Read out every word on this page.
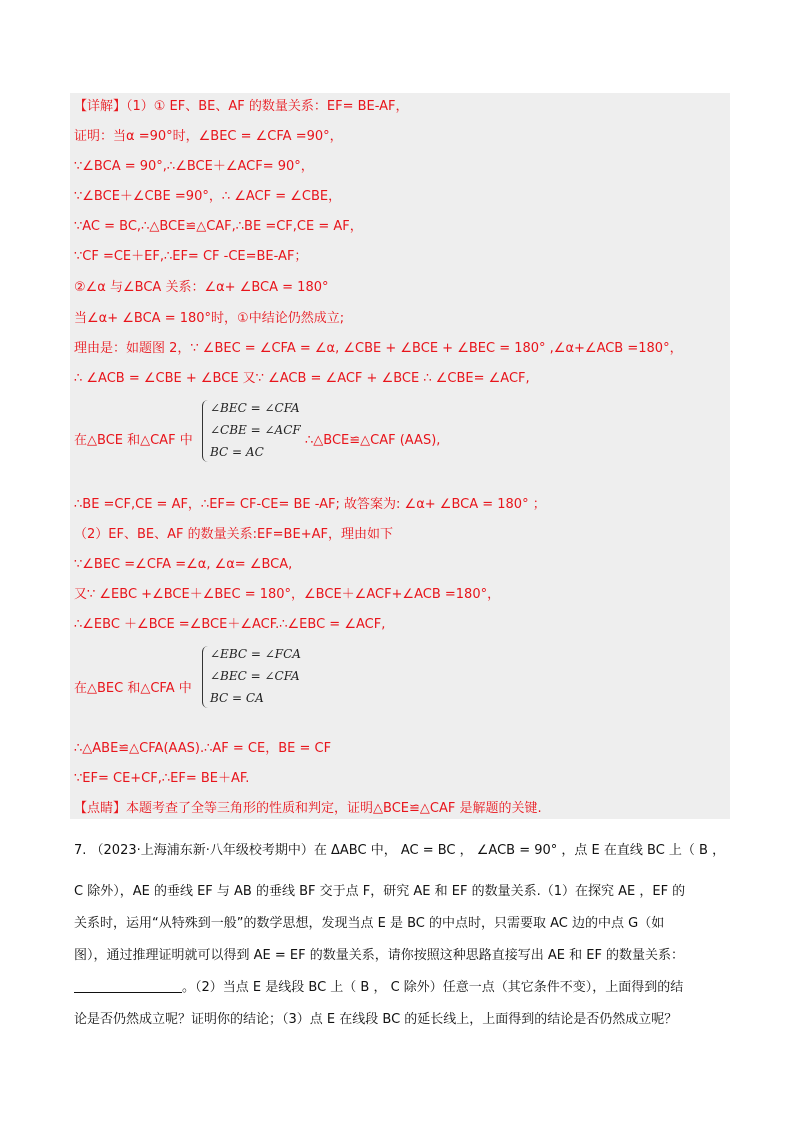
【详解】（1）① EF、BE、AF 的数量关系：EF= BE-AF，
证明：当α =90°时，∠BEC = ∠CFA =90°，
∵∠BCA = 90°,∴∠BCE＋∠ACF= 90°，
∵∠BCE＋∠CBE =90°，∴ ∠ACF = ∠CBE，
∵AC = BC,∴△BCE≌△CAF,∴BE =CF,CE = AF，
∵CF =CE＋EF,∴EF= CF -CE=BE-AF；
②∠α 与∠BCA 关系：∠α+ ∠BCA = 180°
当∠α+ ∠BCA = 180°时，①中结论仍然成立;
理由是：如题图 2，∵ ∠BEC = ∠CFA = ∠α, ∠CBE + ∠BCE + ∠BEC = 180° ,∠α+∠ACB =180°，
∴ ∠ACB = ∠CBE + ∠BCE 又∵ ∠ACB = ∠ACF + ∠BCE ∴ ∠CBE= ∠ACF,
在△BCE 和△CAF 中
∠BEC = ∠CFA
∠CBE = ∠ACF
BC = AC
∴△BCE≌△CAF (AAS),
∴BE =CF,CE = AF，∴EF= CF-CE= BE -AF; 故答案为: ∠α+ ∠BCA = 180° ；
（2）EF、BE、AF 的数量关系:EF=BE+AF，理由如下
∵∠BEC =∠CFA =∠α, ∠α= ∠BCA,
又∵ ∠EBC +∠BCE＋∠BEC = 180°，∠BCE＋∠ACF+∠ACB =180°，
∴∠EBC ＋∠BCE =∠BCE＋∠ACF.∴∠EBC = ∠ACF,
在△BEC 和△CFA 中
∠EBC = ∠FCA
∠BEC = ∠CFA
BC = CA
∴△ABE≌△CFA(AAS).∴AF = CE，BE = CF
∵EF= CE+CF,∴EF= BE＋AF.
【点睛】本题考查了全等三角形的性质和判定，证明△BCE≌△CAF 是解题的关键.
7. （2023·上海浦东新·八年级校考期中）在 ΔABC 中， AC = BC ， ∠ACB = 90° ，点 E 在直线 BC 上（ B ，
C 除外），AE 的垂线 EF 与 AB 的垂线 BF 交于点 F，研究 AE 和 EF 的数量关系.（1）在探究 AE ，EF 的
关系时，运用“从特殊到一般”的数学思想，发现当点 E 是 BC 的中点时，只需要取 AC 边的中点 G（如
图），通过推理证明就可以得到 AE = EF 的数量关系，请你按照这种思路直接写出 AE 和 EF 的数量关系：
。（2）当点 E 是线段 BC 上（ B ， C 除外）任意一点（其它条件不变），上面得到的结
论是否仍然成立呢？证明你的结论；（3）点 E 在线段 BC 的延长线上，上面得到的结论是否仍然成立呢？
